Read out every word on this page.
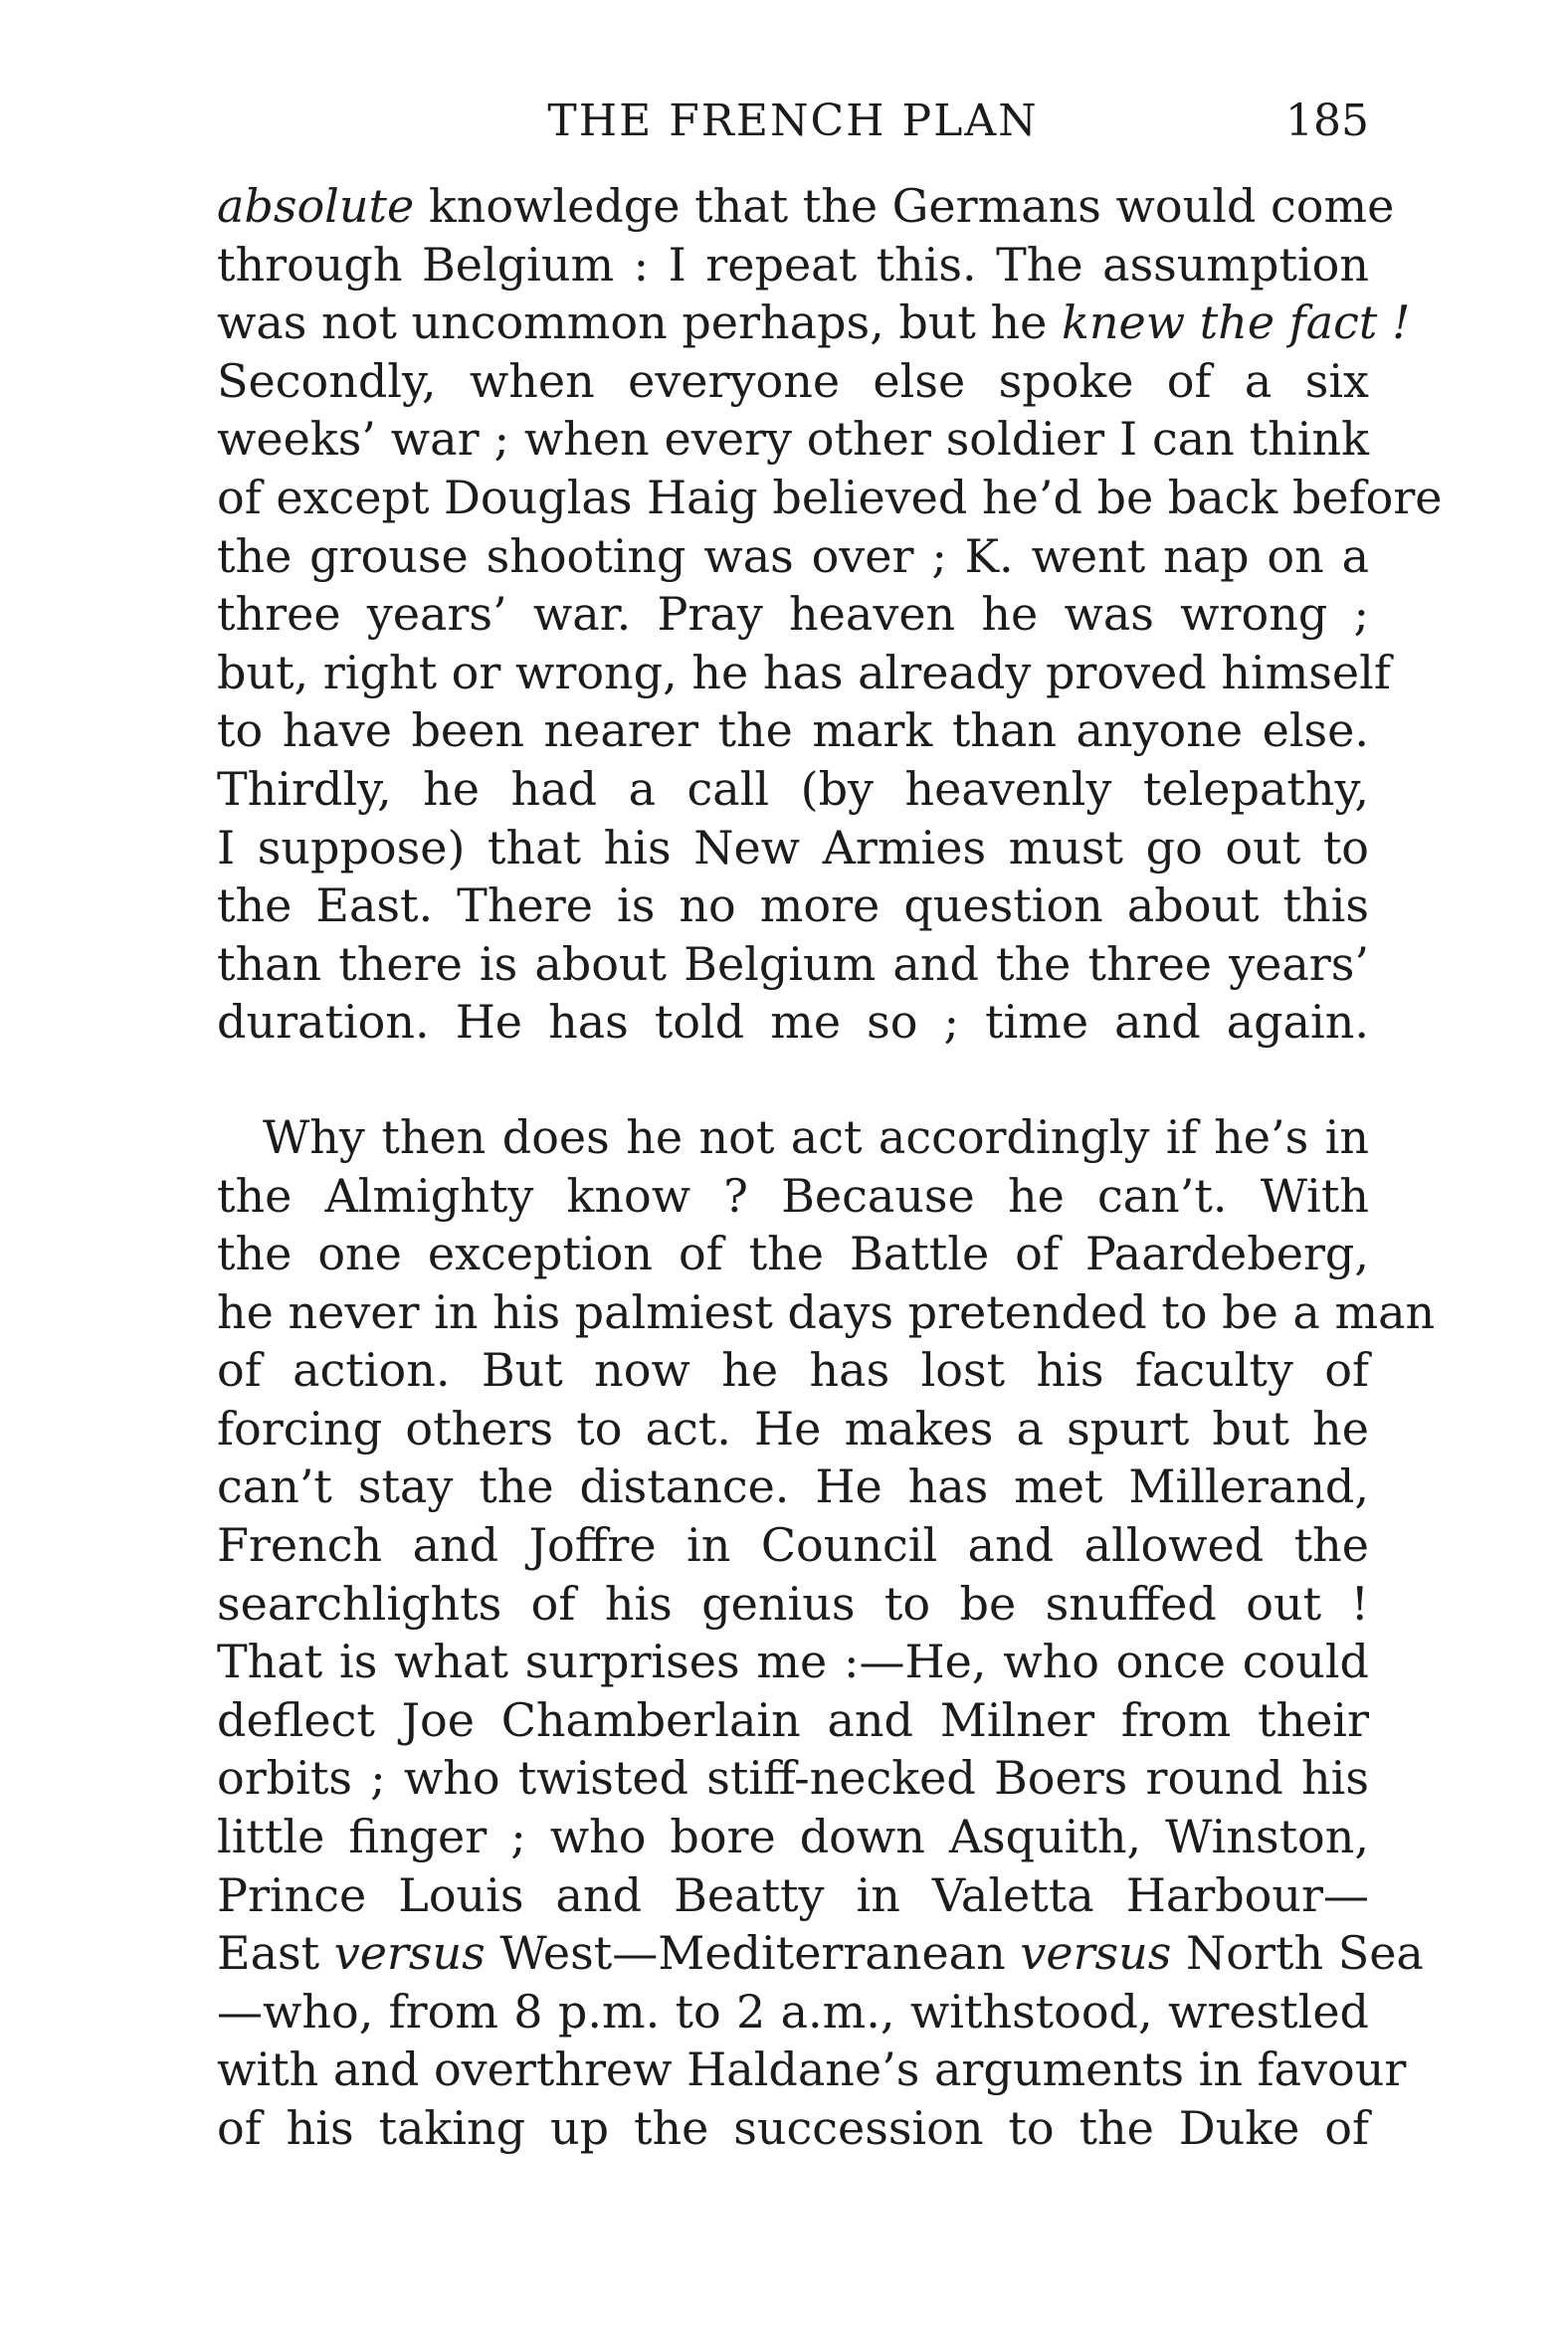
THE FRENCH PLAN	185
absolute knowledge that the Germans would come
through Belgium : I repeat this. The assumption
was not uncommon perhaps, but he knew the fact !
Secondly, when everyone else spoke of a six
weeks’ war ; when every other soldier I can think
of except Douglas Haig believed he’d be back before
the grouse shooting was over ; K. went nap on a
three years’ war. Pray heaven he was wrong ;
but, right or wrong, he has already proved himself
to have been nearer the mark than anyone else.
Thirdly, he had a call (by heavenly telepathy,
I suppose) that his New Armies must go out to
the East. There is no more question about this
than there is about Belgium and the three years’
duration. He has told me so ; time and again.
Why then does he not act accordingly if he’s in
the Almighty know ? Because he can’t. With
the one exception of the Battle of Paardeberg,
he never in his palmiest days pretended to be a man
of action. But now he has lost his faculty of
forcing others to act. He makes a spurt but he
can’t stay the distance. He has met Millerand,
French and Joffre in Council and allowed the
searchlights of his genius to be snuffed out !
That is what surprises me :—He, who once could
deflect Joe Chamberlain and Milner from their
orbits ; who twisted stiff-necked Boers round his
little finger ; who bore down Asquith, Winston,
Prince Louis and Beatty in Valetta Harbour—
East versus West—Mediterranean versus North Sea
—who, from 8 p.m. to 2 a.m., withstood, wrestled
with and overthrew Haldane’s arguments in favour
of his taking up the succession to the Duke of
